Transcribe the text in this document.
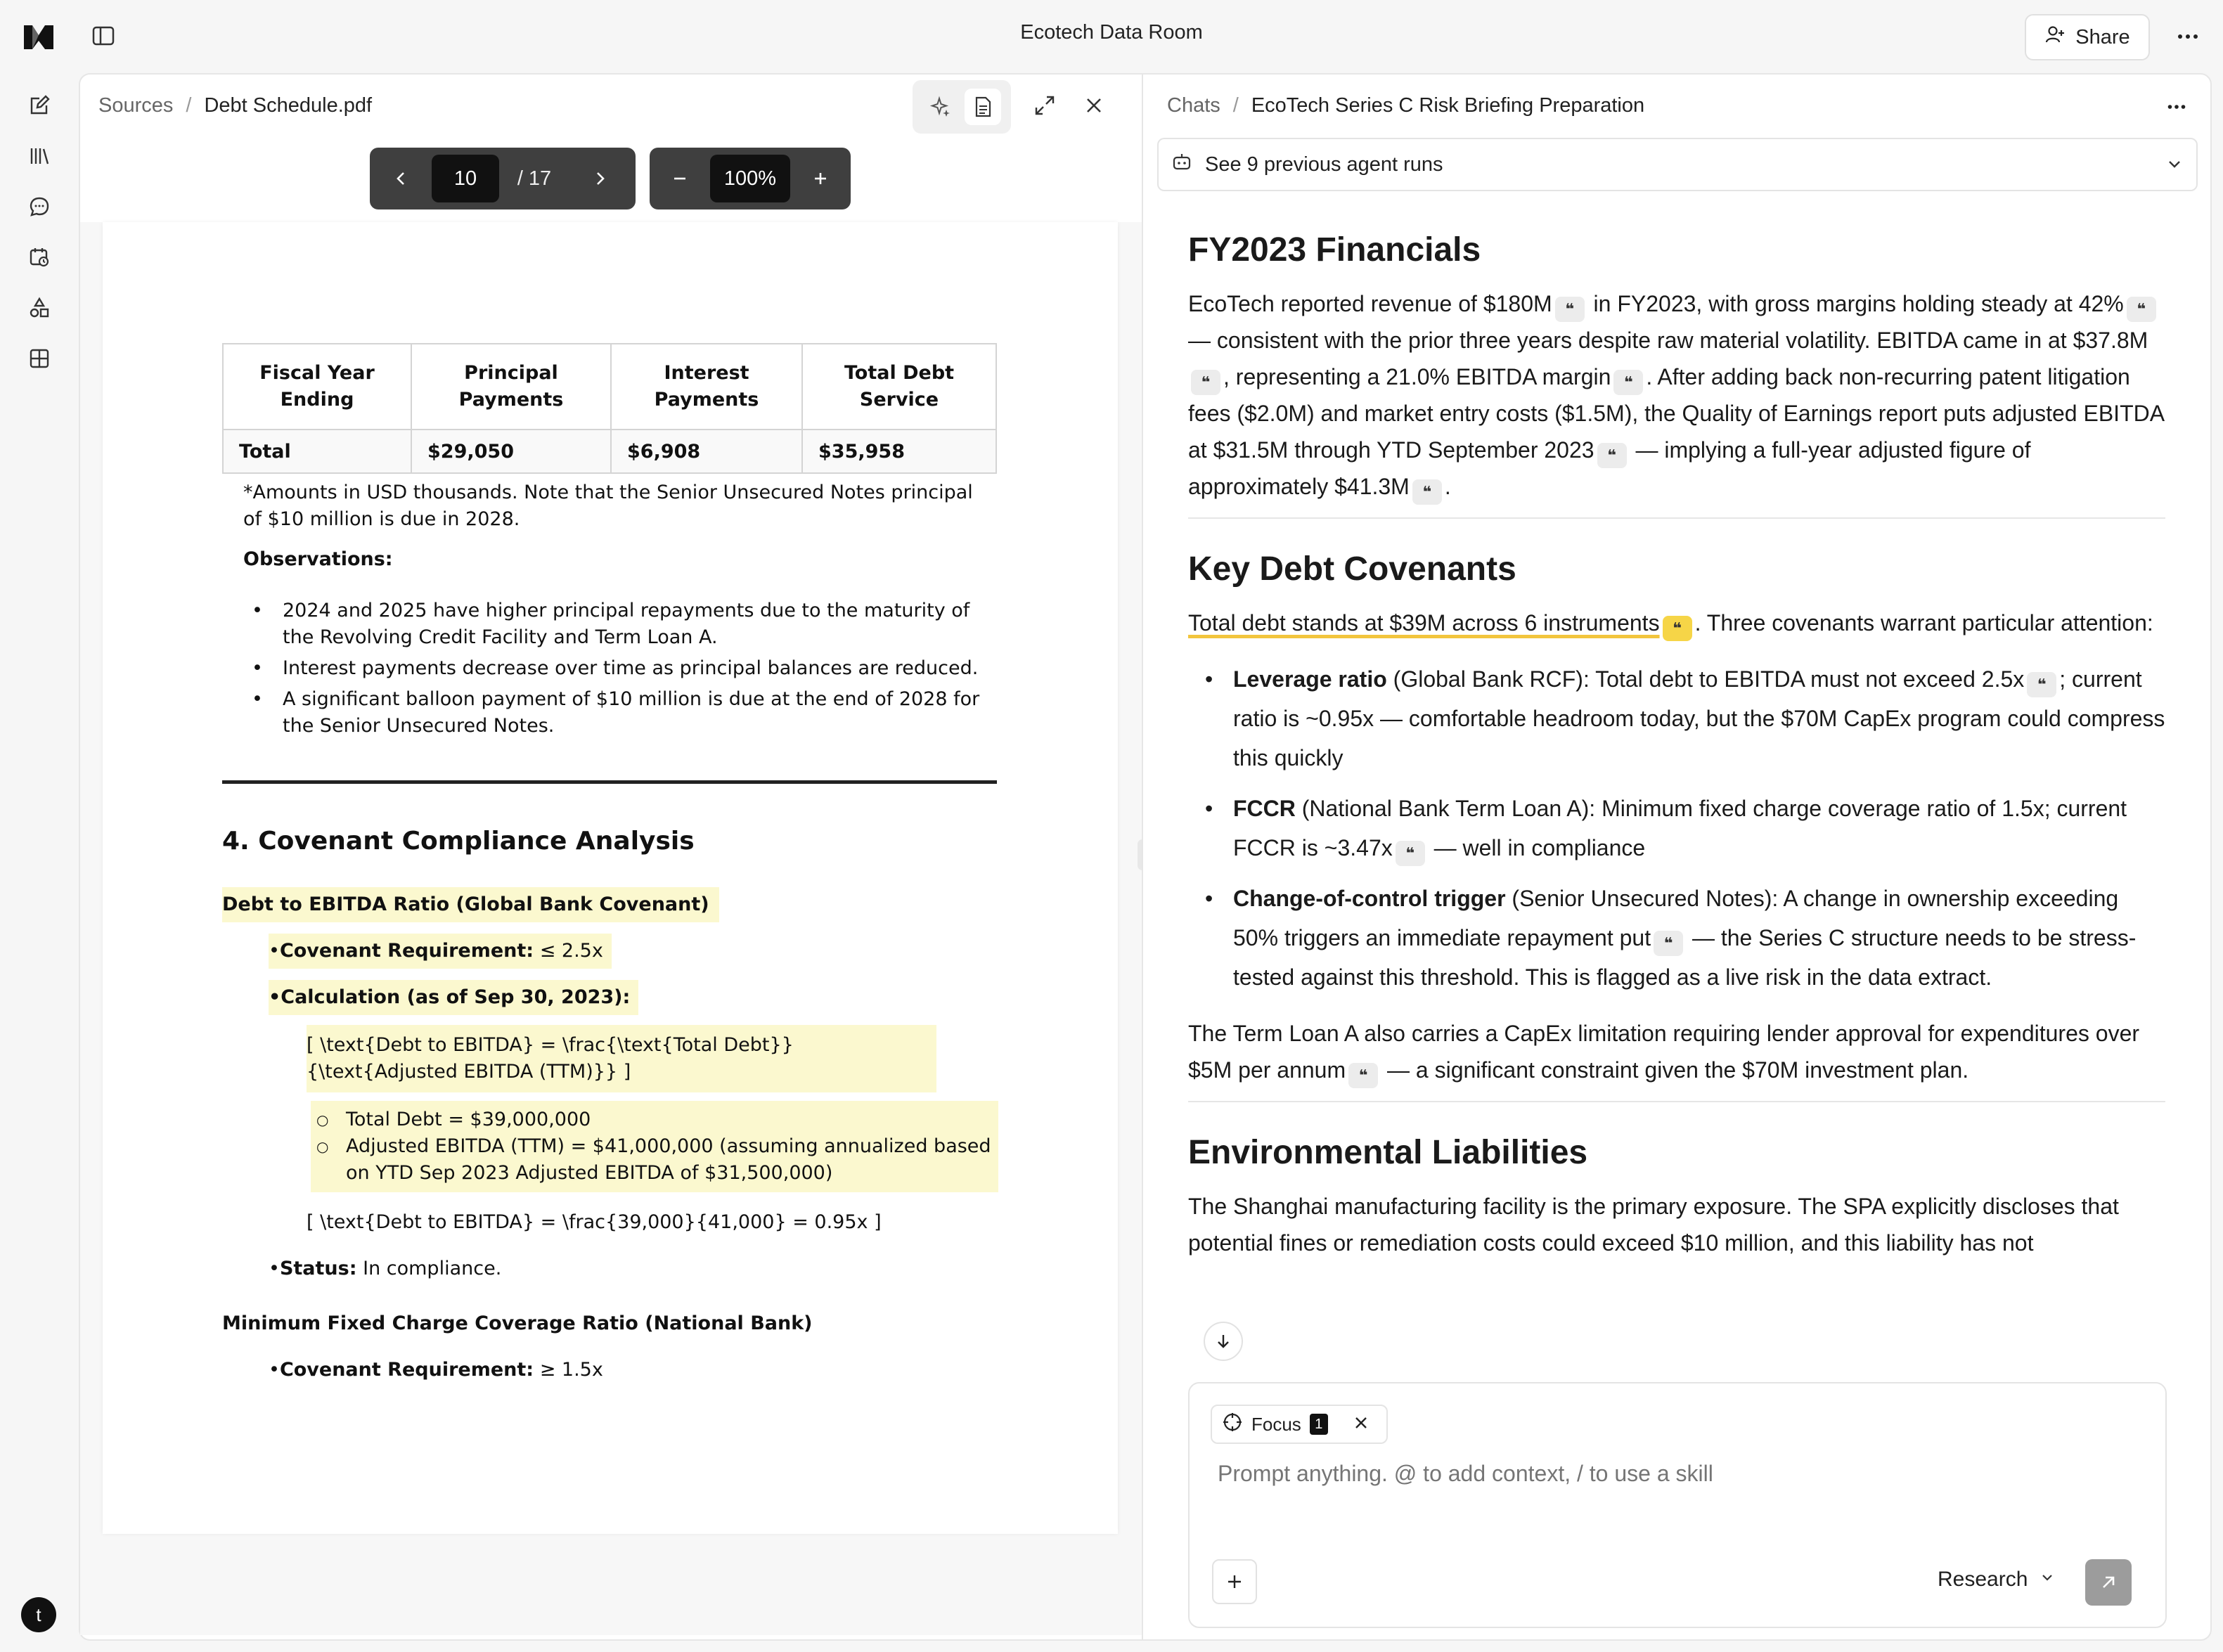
Ecotech Data Room	Share
t
Sources / Debt Schedule.pdf
10	/ 17	100%
Fiscal Year Ending	Principal Payments	Interest Payments	Total Debt Service
Total	$29,050	$6,908	$35,958
*Amounts in USD thousands. Note that the Senior Unsecured Notes principal of $10 million is due in 2028.
Observations:
• 2024 and 2025 have higher principal repayments due to the maturity of the Revolving Credit Facility and Term Loan A.
• Interest payments decrease over time as principal balances are reduced.
• A significant balloon payment of $10 million is due at the end of 2028 for the Senior Unsecured Notes.
4. Covenant Compliance Analysis
Debt to EBITDA Ratio (Global Bank Covenant)
•Covenant Requirement: ≤ 2.5x
•Calculation (as of Sep 30, 2023):
[ \text{Debt to EBITDA} = \frac{\text{Total Debt}}{\text{Adjusted EBITDA (TTM)}} ]
○ Total Debt = $39,000,000
○ Adjusted EBITDA (TTM) = $41,000,000 (assuming annualized based on YTD Sep 2023 Adjusted EBITDA of $31,500,000)
[ \text{Debt to EBITDA} = \frac{39,000}{41,000} = 0.95x ]
•Status: In compliance.
Minimum Fixed Charge Coverage Ratio (National Bank)
•Covenant Requirement: ≥ 1.5x
Chats / EcoTech Series C Risk Briefing Preparation
See 9 previous agent runs
FY2023 Financials

EcoTech reported revenue of $180M ❝ in FY2023, with gross margins holding steady at 42% ❝ — consistent with the prior three years despite raw material volatility. EBITDA came in at $37.8M❝ , representing a 21.0% EBITDA margin ❝ . After adding back non-recurring patent litigation fees ($2.0M) and market entry costs ($1.5M), the Quality of Earnings report puts adjusted EBITDA at $31.5M through YTD September 2023 ❝ — implying a full-year adjusted figure of approximately $41.3M ❝ .

Key Debt Covenants

Total debt stands at $39M across 6 instruments ❝ . Three covenants warrant particular attention:

• Leverage ratio (Global Bank RCF): Total debt to EBITDA must not exceed 2.5x ❝ ; current ratio is ~0.95x — comfortable headroom today, but the $70M CapEx program could compress this quickly
• FCCR (National Bank Term Loan A): Minimum fixed charge coverage ratio of 1.5x; current FCCR is ~3.47x ❝ — well in compliance
• Change-of-control trigger (Senior Unsecured Notes): A change in ownership exceeding 50% triggers an immediate repayment put ❝ — the Series C structure needs to be stress-tested against this threshold. This is flagged as a live risk in the data extract.

The Term Loan A also carries a CapEx limitation requiring lender approval for expenditures over $5M per annum ❝ — a significant constraint given the $70M investment plan.

Environmental Liabilities

The Shanghai manufacturing facility is the primary exposure. The SPA explicitly discloses that potential fines or remediation costs could exceed $10 million, and this liability has not

Focus 1
Prompt anything. @ to add context, / to use a skill
Research
